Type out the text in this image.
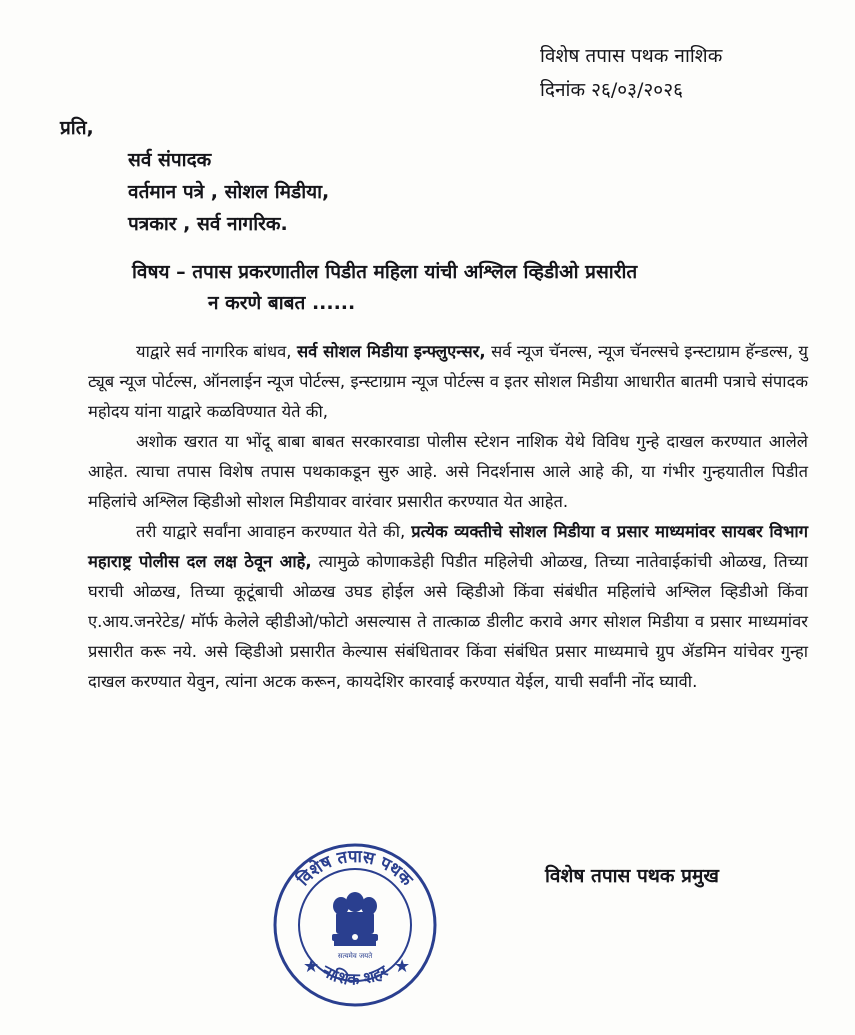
विशेष तपास पथक नाशिक
दिनांक २६/०३/२०२६
प्रति,
सर्व संपादक
वर्तमान पत्रे , सोशल मिडीया,
पत्रकार , सर्व नागरिक.
विषय – तपास प्रकरणातील पिडीत महिला यांची अश्लिल व्हिडीओ प्रसारीत
न करणे बाबत ......

याद्वारे सर्व नागरिक बांधव, सर्व सोशल मिडीया इन्फ्लुएन्सर, सर्व न्यूज चॅनल्स, न्यूज चॅनल्सचे इन्स्टाग्राम हॅन्डल्स, यु ट्यूब न्यूज पोर्टल्स, ऑनलाईन न्यूज पोर्टल्स, इन्स्टाग्राम न्यूज पोर्टल्स व इतर सोशल मिडीया आधारीत बातमी पत्राचे संपादक महोदय यांना याद्वारे कळविण्यात येते की,

अशोक खरात या भोंदू बाबा बाबत सरकारवाडा पोलीस स्टेशन नाशिक येथे विविध गुन्हे दाखल करण्यात आलेले आहेत. त्याचा तपास विशेष तपास पथकाकडून सुरु आहे. असे निदर्शनास आले आहे की, या गंभीर गुन्हयातील पिडीत महिलांचे अश्लिल व्हिडीओ सोशल मिडीयावर वारंवार प्रसारीत करण्यात येत आहेत.

तरी याद्वारे सर्वांना आवाहन करण्यात येते की, प्रत्येक व्यक्तीचे सोशल मिडीया व प्रसार माध्यमांवर सायबर विभाग महाराष्ट्र पोलीस दल लक्ष ठेवून आहे, त्यामुळे कोणाकडेही पिडीत महिलेची ओळख, तिच्या नातेवाईकांची ओळख, तिच्या घराची ओळख, तिच्या कूटूंबाची ओळख उघड होईल असे व्हिडीओ किंवा संबंधीत महिलांचे अश्लिल व्हिडीओ किंवा ए.आय.जनरेटेड/ मॉर्फ केलेले व्हीडीओ/फोटो असल्यास ते तात्काळ डीलीट करावे अगर सोशल मिडीया व प्रसार माध्यमांवर प्रसारीत करू नये. असे व्हिडीओ प्रसारीत केल्यास संबंधितावर किंवा संबंधित प्रसार माध्यमाचे ग्रुप ॲडमिन यांचेवर गुन्हा दाखल करण्यात येवुन, त्यांना अटक करून, कायदेशिर कारवाई करण्यात येईल, याची सर्वांनी नोंद घ्यावी.

विशेष तपास पथक प्रमुख
विशेष तपास पथक
नाशिक शहर
★	★
सत्यमेव जयते
